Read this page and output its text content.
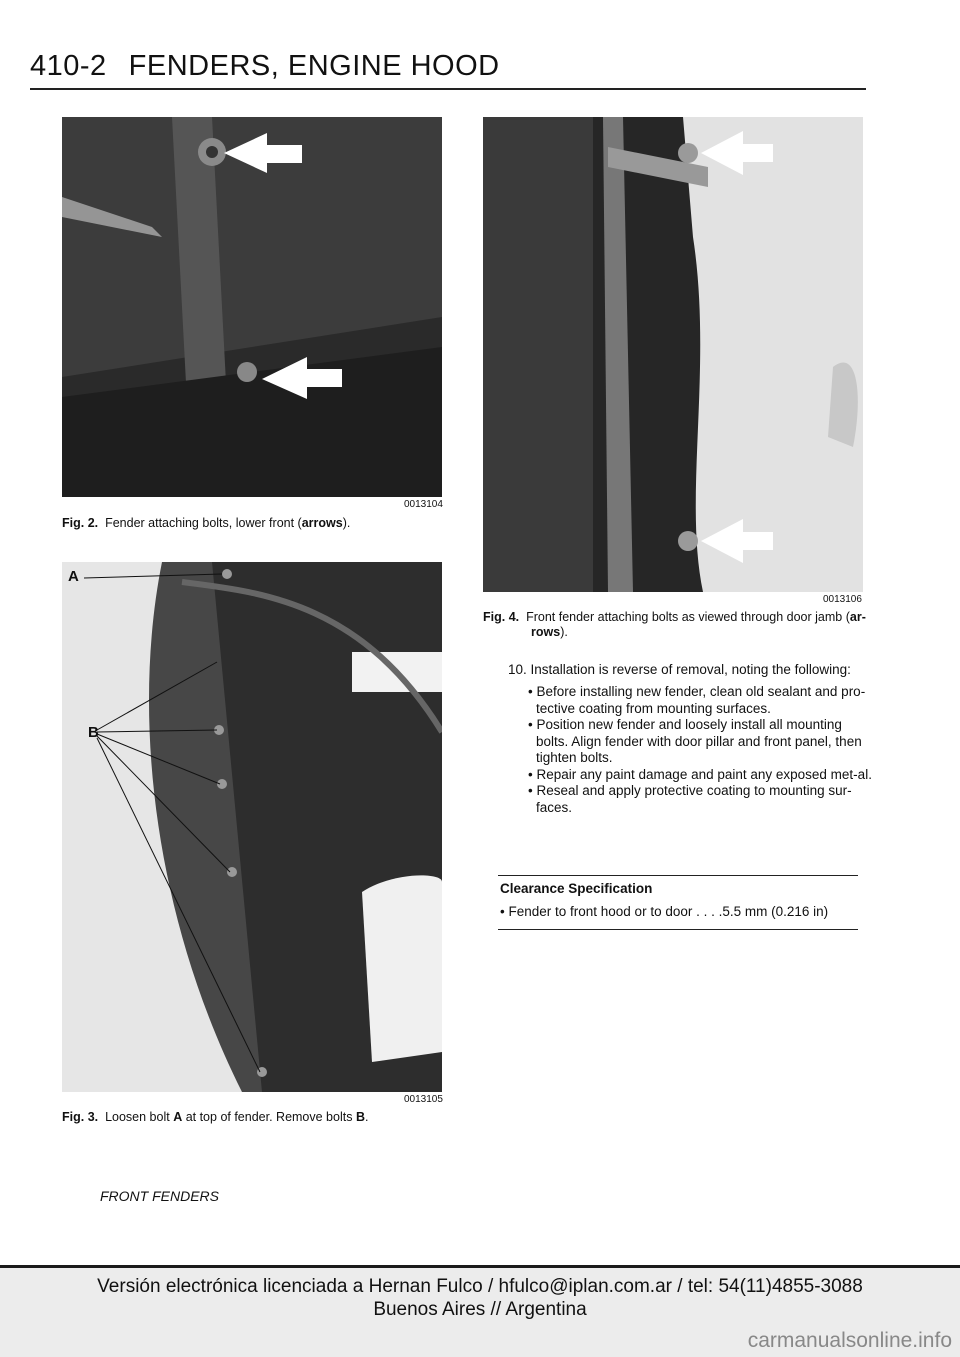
410-2 FENDERS, ENGINE HOOD
0013104
Fig. 2. Fender attaching bolts, lower front (arrows).
A
B
0013105
Fig. 3. Loosen bolt A at top of fender. Remove bolts B.
0013106
Fig. 4. Front fender attaching bolts as viewed through door jamb (ar-rows).
10. Installation is reverse of removal, noting the following:
• Before installing new fender, clean old sealant and pro-tective coating from mounting surfaces.
• Position new fender and loosely install all mounting bolts. Align fender with door pillar and front panel, then tighten bolts.
• Repair any paint damage and paint any exposed met-al.
• Reseal and apply protective coating to mounting sur-faces.
Clearance Specification
• Fender to front hood or to door . . . .5.5 mm (0.216 in)
FRONT FENDERS
Versión electrónica licenciada a Hernan Fulco / hfulco@iplan.com.ar / tel: 54(11)4855-3088
Buenos Aires // Argentina
carmanualsonline.info
